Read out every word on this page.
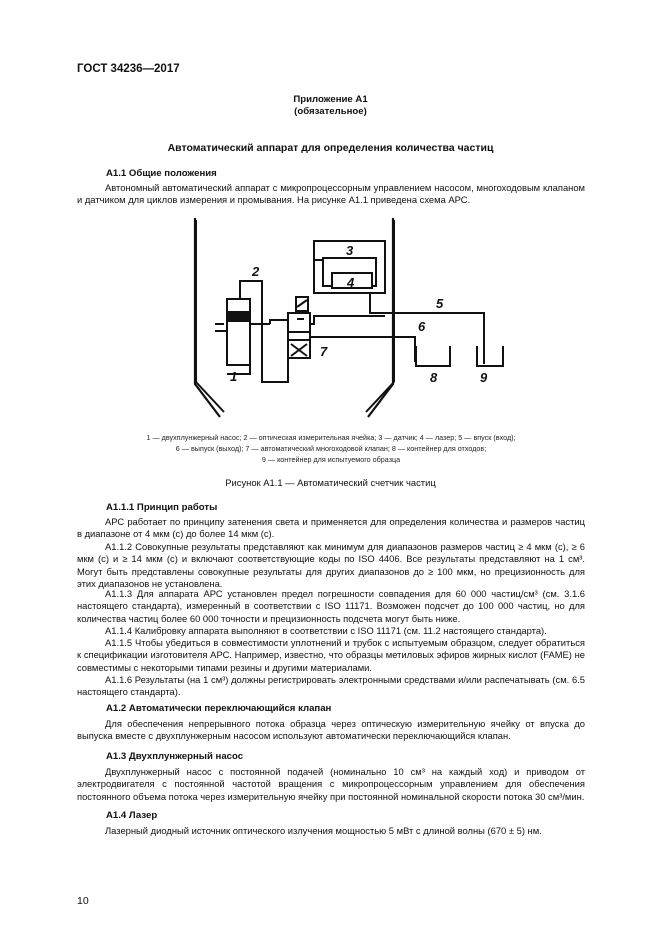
ГОСТ 34236—2017
Приложение А1
(обязательное)
Автоматический аппарат для определения количества частиц
А1.1 Общие положения
Автономный автоматический аппарат с микропроцессорным управлением насосом, многоходовым клапаном и датчиком для циклов измерения и промывания. На рисунке А1.1 приведена схема АРС.
1
2
3
4
5
6
7
8	9
1 — двухплунжерный насос; 2 — оптическая измерительная ячейка; 3 — датчик; 4 — лазер; 5 — впуск (вход);
6 — выпуск (выход); 7 — автоматический многоходовой клапан; 8 — контейнер для отходов;
9 — контейнер для испытуемого образца
Рисунок А1.1 — Автоматический счетчик частиц
А1.1.1 Принцип работы
АРС работает по принципу затенения света и применяется для определения количества и размеров частиц в диапазоне от 4 мкм (с) до более 14 мкм (с).
А1.1.2 Совокупные результаты представляют как минимум для диапазонов размеров частиц ≥ 4 мкм (с), ≥ 6 мкм (с) и ≥ 14 мкм (с) и включают соответствующие коды по ISO 4406. Все результаты представляют на 1 см³. Могут быть представлены совокупные результаты для других диапазонов до ≥ 100 мкм, но прецизионность для этих диапазонов не установлена.
А1.1.3 Для аппарата АРС установлен предел погрешности совпадения для 60 000 частиц/см³ (см. 3.1.6 настоящего стандарта), измеренный в соответствии с ISO 11171. Возможен подсчет до 100 000 частиц, но для количества частиц более 60 000 точности и прецизионность подсчета могут быть ниже.
А1.1.4 Калибровку аппарата выполняют в соответствии с ISO 11171 (см. 11.2 настоящего стандарта).
А1.1.5 Чтобы убедиться в совместимости уплотнений и трубок с испытуемым образцом, следует обратиться к спецификации изготовителя АРС. Например, известно, что образцы метиловых эфиров жирных кислот (FAME) не совместимы с некоторыми типами резины и другими материалами.
А1.1.6 Результаты (на 1 см³) должны регистрировать электронными средствами и/или распечатывать (см. 6.5 настоящего стандарта).
А1.2 Автоматически переключающийся клапан
Для обеспечения непрерывного потока образца через оптическую измерительную ячейку от впуска до выпуска вместе с двухплунжерным насосом используют автоматически переключающийся клапан.
А1.3 Двухплунжерный насос
Двухплунжерный насос с постоянной подачей (номинально 10 см³ на каждый ход) и приводом от электродвигателя с постоянной частотой вращения с микропроцессорным управлением для обеспечения постоянного объема потока через измерительную ячейку при постоянной номинальной скорости потока 30 см³/мин.
А1.4 Лазер
Лазерный диодный источник оптического излучения мощностью 5 мВт с длиной волны (670 ± 5) нм.
10
